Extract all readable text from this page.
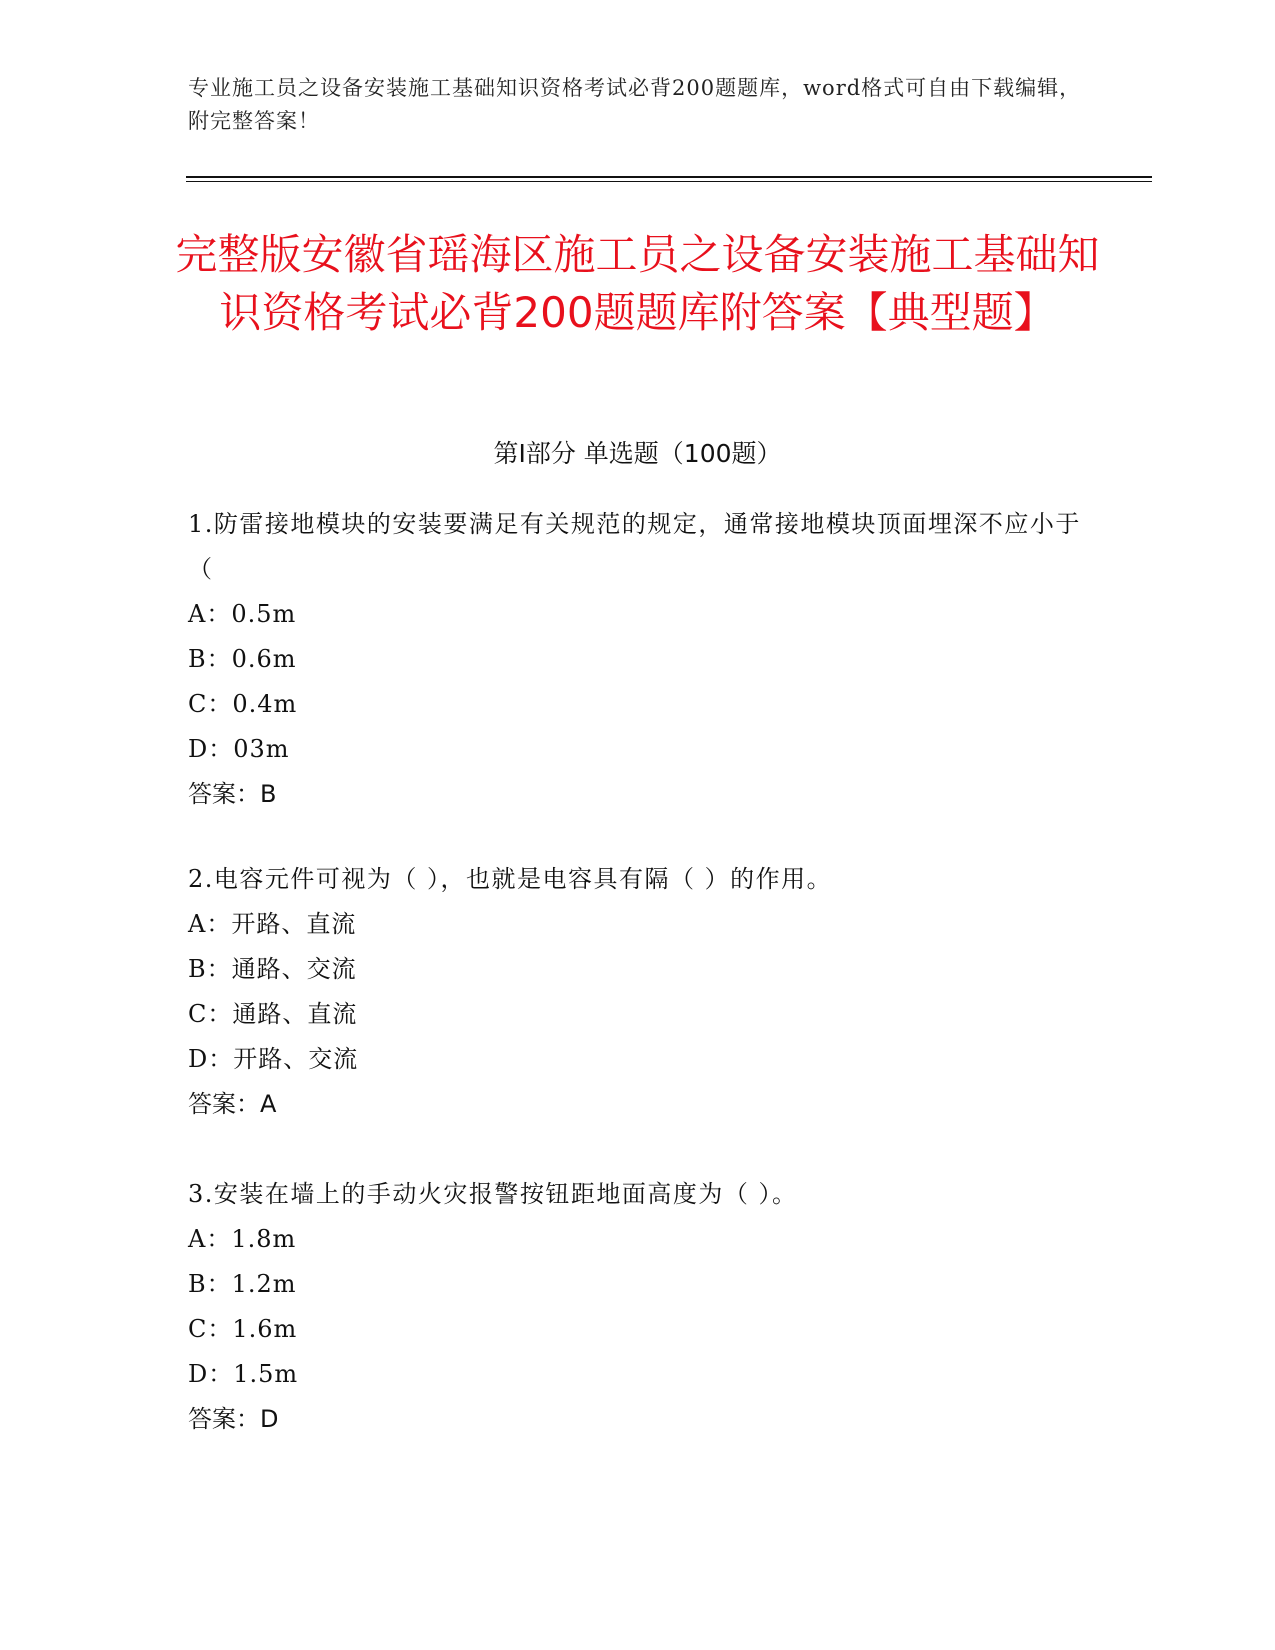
专业施工员之设备安装施工基础知识资格考试必背200题题库，word格式可自由下载编辑，附完整答案！
完整版安徽省瑶海区施工员之设备安装施工基础知识资格考试必背200题题库附答案【典型题】
第Ⅰ部分 单选题（100题）

1.防雷接地模块的安装要满足有关规范的规定，通常接地模块顶面埋深不应小于（

A：0.5m

B：0.6m

C：0.4m

D：03m

答案：B

2.电容元件可视为（ ），也就是电容具有隔（ ）的作用。

A：开路、直流

B：通路、交流

C：通路、直流

D：开路、交流

答案：A

3.安装在墙上的手动火灾报警按钮距地面高度为（ ）。

A：1.8m

B：1.2m

C：1.6m

D：1.5m

答案：D
